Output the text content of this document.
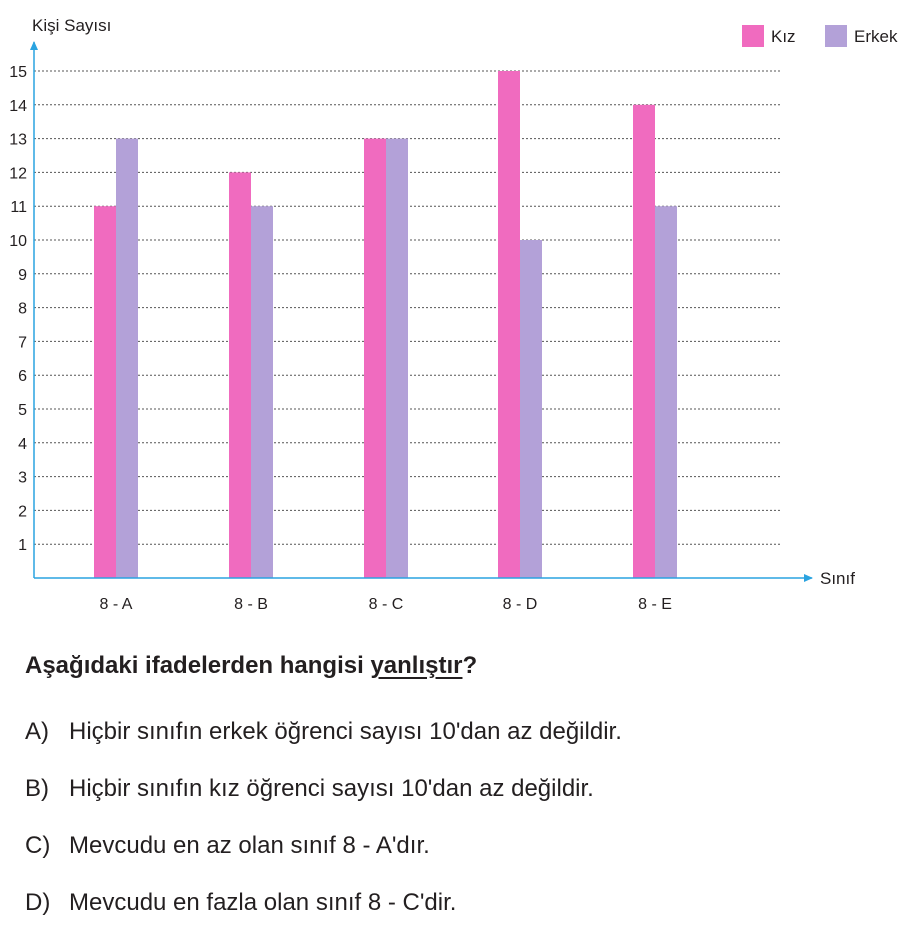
1
2
3
4
5
6
7
8
9
10
11
12
13
14
15
8 - A	8 - B	8 - C	8 - D	8 - E
Kişi Sayısı
Sınıf
Kız	Erkek
Aşağıdaki ifadelerden hangisi yanlıştır?
A) Hiçbir sınıfın erkek öğrenci sayısı 10'dan az değildir.
B) Hiçbir sınıfın kız öğrenci sayısı 10'dan az değildir.
C) Mevcudu en az olan sınıf 8 - A'dır.
D) Mevcudu en fazla olan sınıf 8 - C'dir.
